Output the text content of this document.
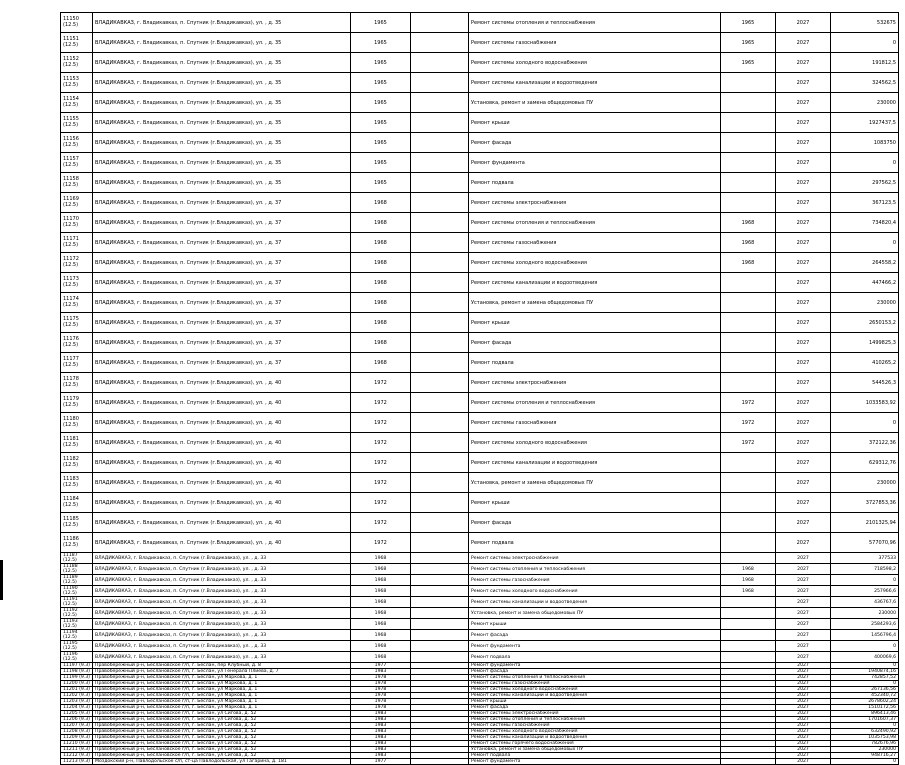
11150 (12.5)	ВЛАДИКАВКАЗ, г. Владикавказ, п. Спутник (г.Владикавказ), ул. , д. 35	1965		Ремонт системы отопления и теплоснабжения	1965	2027	532675
11151 (12.5)	ВЛАДИКАВКАЗ, г. Владикавказ, п. Спутник (г.Владикавказ), ул. , д. 35	1965		Ремонт системы газоснабжения	1965	2027	0
11152 (12.5)	ВЛАДИКАВКАЗ, г. Владикавказ, п. Спутник (г.Владикавказ), ул. , д. 35	1965		Ремонт системы холодного водоснабжения	1965	2027	191812,5
11153 (12.5)	ВЛАДИКАВКАЗ, г. Владикавказ, п. Спутник (г.Владикавказ), ул. , д. 35	1965		Ремонт системы канализации и водоотведения		2027	324562,5
11154 (12.5)	ВЛАДИКАВКАЗ, г. Владикавказ, п. Спутник (г.Владикавказ), ул. , д. 35	1965		Установка, ремонт и замена общедомовых ПУ		2027	230000
11155 (12.5)	ВЛАДИКАВКАЗ, г. Владикавказ, п. Спутник (г.Владикавказ), ул. , д. 35	1965		Ремонт крыши		2027	1927437,5
11156 (12.5)	ВЛАДИКАВКАЗ, г. Владикавказ, п. Спутник (г.Владикавказ), ул. , д. 35	1965		Ремонт фасада		2027	1083750
11157 (12.5)	ВЛАДИКАВКАЗ, г. Владикавказ, п. Спутник (г.Владикавказ), ул. , д. 35	1965		Ремонт фундамента		2027	0
11158 (12.5)	ВЛАДИКАВКАЗ, г. Владикавказ, п. Спутник (г.Владикавказ), ул. , д. 35	1965		Ремонт подвала		2027	297562,5
11169 (12.5)	ВЛАДИКАВКАЗ, г. Владикавказ, п. Спутник (г.Владикавказ), ул. , д. 37	1968		Ремонт системы электроснабжения		2027	367123,5
11170 (12.5)	ВЛАДИКАВКАЗ, г. Владикавказ, п. Спутник (г.Владикавказ), ул. , д. 37	1968		Ремонт системы отопления и теплоснабжения	1968	2027	734820,4
11171 (12.5)	ВЛАДИКАВКАЗ, г. Владикавказ, п. Спутник (г.Владикавказ), ул. , д. 37	1968		Ремонт системы газоснабжения	1968	2027	0
11172 (12.5)	ВЛАДИКАВКАЗ, г. Владикавказ, п. Спутник (г.Владикавказ), ул. , д. 37	1968		Ремонт системы холодного водоснабжения	1968	2027	264558,2
11173 (12.5)	ВЛАДИКАВКАЗ, г. Владикавказ, п. Спутник (г.Владикавказ), ул. , д. 37	1968		Ремонт системы канализации и водоотведения		2027	447466,2
11174 (12.5)	ВЛАДИКАВКАЗ, г. Владикавказ, п. Спутник (г.Владикавказ), ул. , д. 37	1968		Установка, ремонт и замена общедомовых ПУ		2027	230000
11175 (12.5)	ВЛАДИКАВКАЗ, г. Владикавказ, п. Спутник (г.Владикавказ), ул. , д. 37	1968		Ремонт крыши		2027	2650153,2
11176 (12.5)	ВЛАДИКАВКАЗ, г. Владикавказ, п. Спутник (г.Владикавказ), ул. , д. 37	1968		Ремонт фасада		2027	1499825,3
11177 (12.5)	ВЛАДИКАВКАЗ, г. Владикавказ, п. Спутник (г.Владикавказ), ул. , д. 37	1968		Ремонт подвала		2027	410265,2
11178 (12.5)	ВЛАДИКАВКАЗ, г. Владикавказ, п. Спутник (г.Владикавказ), ул. , д. 40	1972		Ремонт системы электроснабжения		2027	544526,3
11179 (12.5)	ВЛАДИКАВКАЗ, г. Владикавказ, п. Спутник (г.Владикавказ), ул. , д. 40	1972		Ремонт системы отопления и теплоснабжения	1972	2027	1033583,92
11180 (12.5)	ВЛАДИКАВКАЗ, г. Владикавказ, п. Спутник (г.Владикавказ), ул. , д. 40	1972		Ремонт системы газоснабжения	1972	2027	0
11181 (12.5)	ВЛАДИКАВКАЗ, г. Владикавказ, п. Спутник (г.Владикавказ), ул. , д. 40	1972		Ремонт системы холодного водоснабжения	1972	2027	372122,36
11182 (12.5)	ВЛАДИКАВКАЗ, г. Владикавказ, п. Спутник (г.Владикавказ), ул. , д. 40	1972		Ремонт системы канализации и водоотведения		2027	629312,76
11183 (12.5)	ВЛАДИКАВКАЗ, г. Владикавказ, п. Спутник (г.Владикавказ), ул. , д. 40	1972		Установка, ремонт и замена общедомовых ПУ		2027	230000
11184 (12.5)	ВЛАДИКАВКАЗ, г. Владикавказ, п. Спутник (г.Владикавказ), ул. , д. 40	1972		Ремонт крыши		2027	3727853,36
11185 (12.5)	ВЛАДИКАВКАЗ, г. Владикавказ, п. Спутник (г.Владикавказ), ул. , д. 40	1972		Ремонт фасада		2027	2101325,94
11186 (12.5)	ВЛАДИКАВКАЗ, г. Владикавказ, п. Спутник (г.Владикавказ), ул. , д. 40	1972		Ремонт подвала		2027	577070,96
11187 (12.5)	ВЛАДИКАВКАЗ, г. Владикавказ, п. Спутник (г.Владикавказ), ул. , д. 33	1968		Ремонт системы электроснабжения		2027	377533
11188 (12.5)	ВЛАДИКАВКАЗ, г. Владикавказ, п. Спутник (г.Владикавказ), ул. , д. 33	1968		Ремонт системы отопления и теплоснабжения	1968	2027	718598,2
11189 (12.5)	ВЛАДИКАВКАЗ, г. Владикавказ, п. Спутник (г.Владикавказ), ул. , д. 33	1968		Ремонт системы газоснабжения	1968	2027	0
11190 (12.5)	ВЛАДИКАВКАЗ, г. Владикавказ, п. Спутник (г.Владикавказ), ул. , д. 33	1968		Ремонт системы холодного водоснабжения	1968	2027	257966,6
11191 (12.5)	ВЛАДИКАВКАЗ, г. Владикавказ, п. Спутник (г.Владикавказ), ул. , д. 33	1968		Ремонт системы канализации и водоотведения		2027	436767,6
11192 (12.5)	ВЛАДИКАВКАЗ, г. Владикавказ, п. Спутник (г.Владикавказ), ул. , д. 33	1968		Установка, ремонт и замена общедомовых ПУ		2027	230000
11193 (12.5)	ВЛАДИКАВКАЗ, г. Владикавказ, п. Спутник (г.Владикавказ), ул. , д. 33	1968		Ремонт крыши		2027	2584293,6
11194 (12.5)	ВЛАДИКАВКАЗ, г. Владикавказ, п. Спутник (г.Владикавказ), ул. , д. 33	1968		Ремонт фасада		2027	1456796,4
11195 (12.5)	ВЛАДИКАВКАЗ, г. Владикавказ, п. Спутник (г.Владикавказ), ул. , д. 33	1968		Ремонт фундамента		2027	0
11196 (12.5)	ВЛАДИКАВКАЗ, г. Владикавказ, п. Спутник (г.Владикавказ), ул. , д. 33	1968		Ремонт подвала		2027	400069,6
11197 (9.3)	Правобережный р-н, Беслановское г/п, г. Беслан, пер Клубный, д. 8	1977		Ремонт фундамента		2027	0
11198 (9.3)	Правобережный р-н, Беслановское г/п, г. Беслан, ул Генерала Плиева, д. 7	1983		Ремонт фасада		2027	1940874,16
11199 (9.3)	Правобережный р-н, Беслановское г/п, г. Беслан, ул Маркова, д. 1	1978		Ремонт системы отопления и теплоснабжения		2027	742857,52
11200 (9.3)	Правобережный р-н, Беслановское г/п, г. Беслан, ул Маркова, д. 1	1978		Ремонт системы газоснабжения		2027	0
11201 (9.3)	Правобережный р-н, Беслановское г/п, г. Беслан, ул Маркова, д. 1	1978		Ремонт системы холодного водоснабжения		2027	267136,56
11202 (9.3)	Правобережный р-н, Беслановское г/п, г. Беслан, ул Маркова, д. 1	1978		Ремонт системы канализации и водоотведения		2027	452340,72
11203 (9.3)	Правобережный р-н, Беслановское г/п, г. Беслан, ул Маркова, д. 1	1978		Ремонт крыши		2027	2678602,24
11204 (9.3)	Правобережный р-н, Беслановское г/п, г. Беслан, ул Маркова, д. 1	1978		Ремонт фасада		2027	1510172,56
11205 (9.3)	Правобережный р-н, Беслановское г/п, г. Беслан, ул Сигова, д. 52	1983		Ремонт системы электроснабжения		2027	896413,46
11206 (9.3)	Правобережный р-н, Беслановское г/п, г. Беслан, ул Сигова, д. 52	1983		Ремонт системы отопления и теплоснабжения		2027	1701607,37
11207 (9.3)	Правобережный р-н, Беслановское г/п, г. Беслан, ул Сигова, д. 52	1983		Ремонт системы газоснабжения		2027	0
11208 (9.3)	Правобережный р-н, Беслановское г/п, г. Беслан, ул Сигова, д. 52	1983		Ремонт системы холодного водоснабжения		2027	632490,92
11209 (9.3)	Правобережный р-н, Беслановское г/п, г. Беслан, ул Сигова, д. 52	1983		Ремонт системы канализации и водоотведения		2027	1035753,98
11210 (9.3)	Правобережный р-н, Беслановское г/п, г. Беслан, ул Сигова, д. 52	1983		Ремонт системы горячего водоснабжения		2027	782676,96
11211 (9.3)	Правобережный р-н, Беслановское г/п, г. Беслан, ул Сигова, д. 52	1983		Установка, ремонт и замена общедомовых ПУ		2027	230000
11212 (9.3)	Правобережный р-н, Беслановское г/п, г. Беслан, ул Сигова, д. 52	1983		Ремонт подвала		2027	948716,27
11213 (9.3)	Моздокский р-н, Павлодольское с/п, ст-ца Павлодольская, ул Гагарина, д. 181	1977		Ремонт фундамента		2027	0
